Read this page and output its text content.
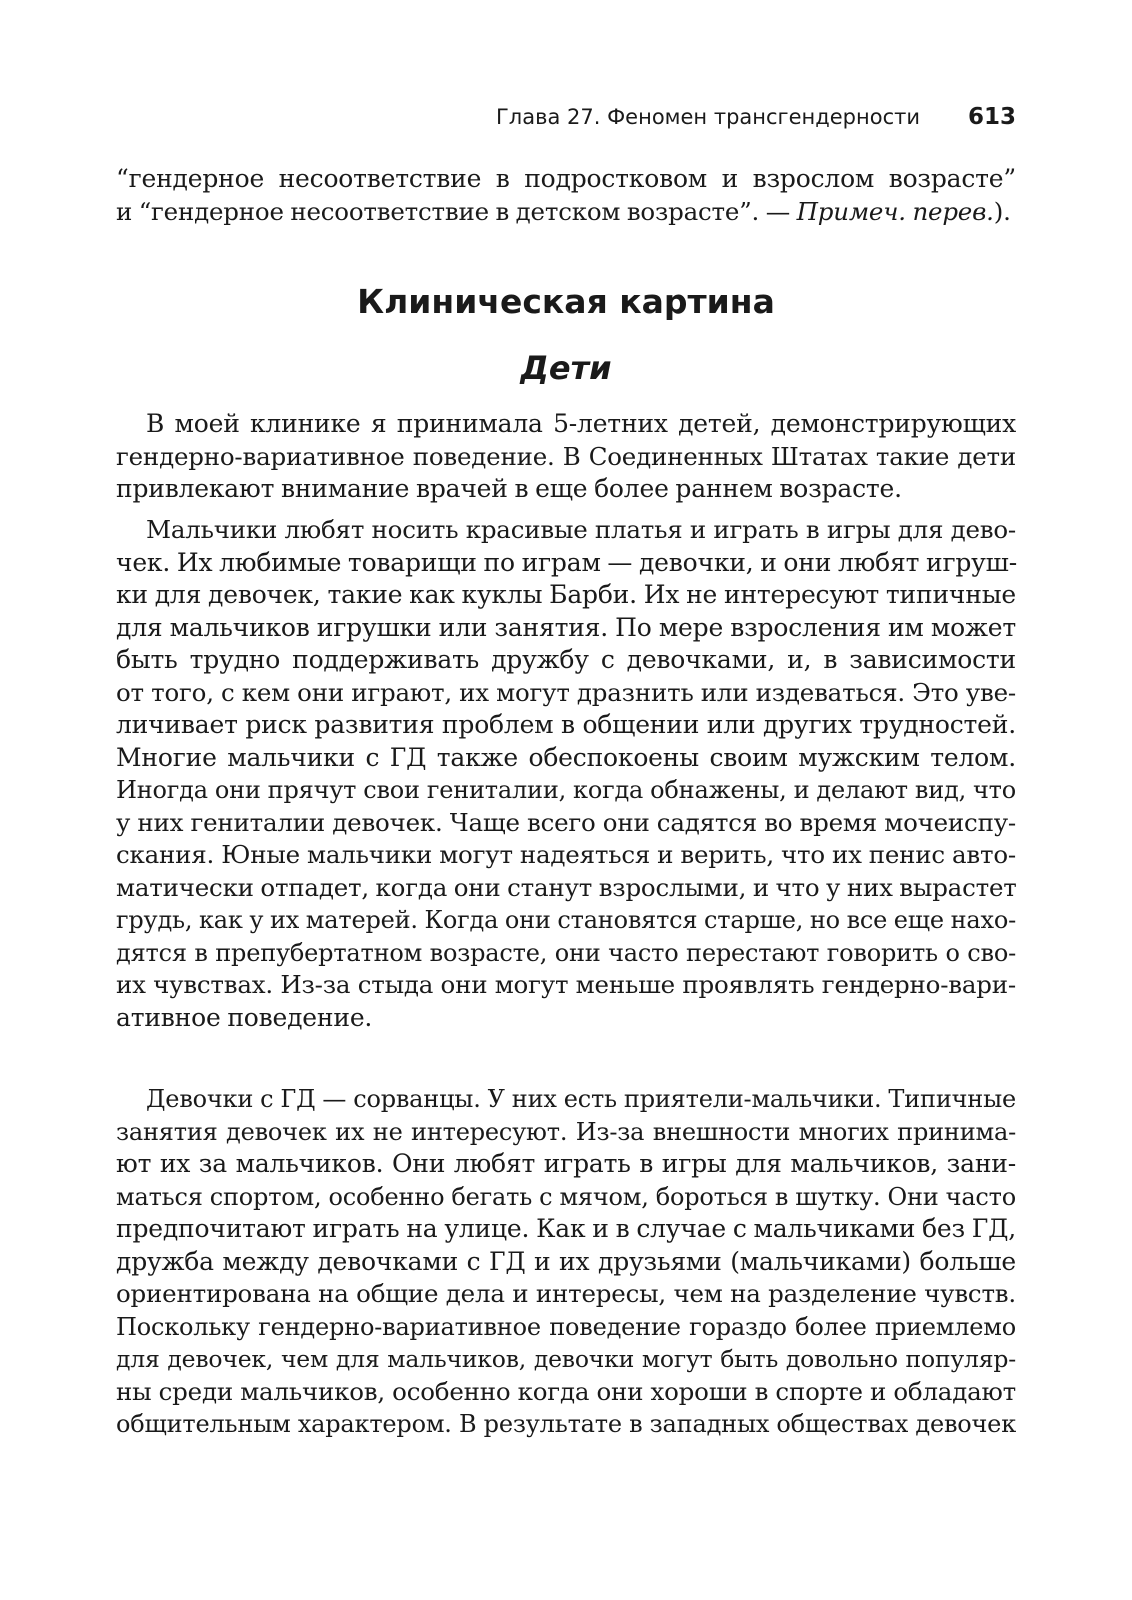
Глава 27. Феномен трансгендерности 613
“гендерное несоответствие в подростковом и взрослом возрасте”
и “гендерное несоответствие в детском возрасте”. — Примеч. перев.).
Клиническая картина
Дети
В моей клинике я принимала 5-летних детей, демонстрирующих
гендерно-вариативное поведение. В Соединенных Штатах такие дети
привлекают внимание врачей в еще более раннем возрасте.
Мальчики любят носить красивые платья и играть в игры для дево-
чек. Их любимые товарищи по играм — девочки, и они любят игруш-
ки для девочек, такие как куклы Барби. Их не интересуют типичные
для мальчиков игрушки или занятия. По мере взросления им может
быть трудно поддерживать дружбу с девочками, и, в зависимости
от того, с кем они играют, их могут дразнить или издеваться. Это уве-
личивает риск развития проблем в общении или других трудностей.
Многие мальчики с ГД также обеспокоены своим мужским телом.
Иногда они прячут свои гениталии, когда обнажены, и делают вид, что
у них гениталии девочек. Чаще всего они садятся во время мочеиспу-
скания. Юные мальчики могут надеяться и верить, что их пенис авто-
матически отпадет, когда они станут взрослыми, и что у них вырастет
грудь, как у их матерей. Когда они становятся старше, но все еще нахо-
дятся в препубертатном возрасте, они часто перестают говорить о сво-
их чувствах. Из-за стыда они могут меньше проявлять гендерно-вари-
ативное поведение.
Девочки с ГД — сорванцы. У них есть приятели-мальчики. Типичные
занятия девочек их не интересуют. Из-за внешности многих принима-
ют их за мальчиков. Они любят играть в игры для мальчиков, зани-
маться спортом, особенно бегать с мячом, бороться в шутку. Они часто
предпочитают играть на улице. Как и в случае с мальчиками без ГД,
дружба между девочками с ГД и их друзьями (мальчиками) больше
ориентирована на общие дела и интересы, чем на разделение чувств.
Поскольку гендерно-вариативное поведение гораздо более приемлемо
для девочек, чем для мальчиков, девочки могут быть довольно популяр-
ны среди мальчиков, особенно когда они хороши в спорте и обладают
общительным характером. В результате в западных обществах девочек
